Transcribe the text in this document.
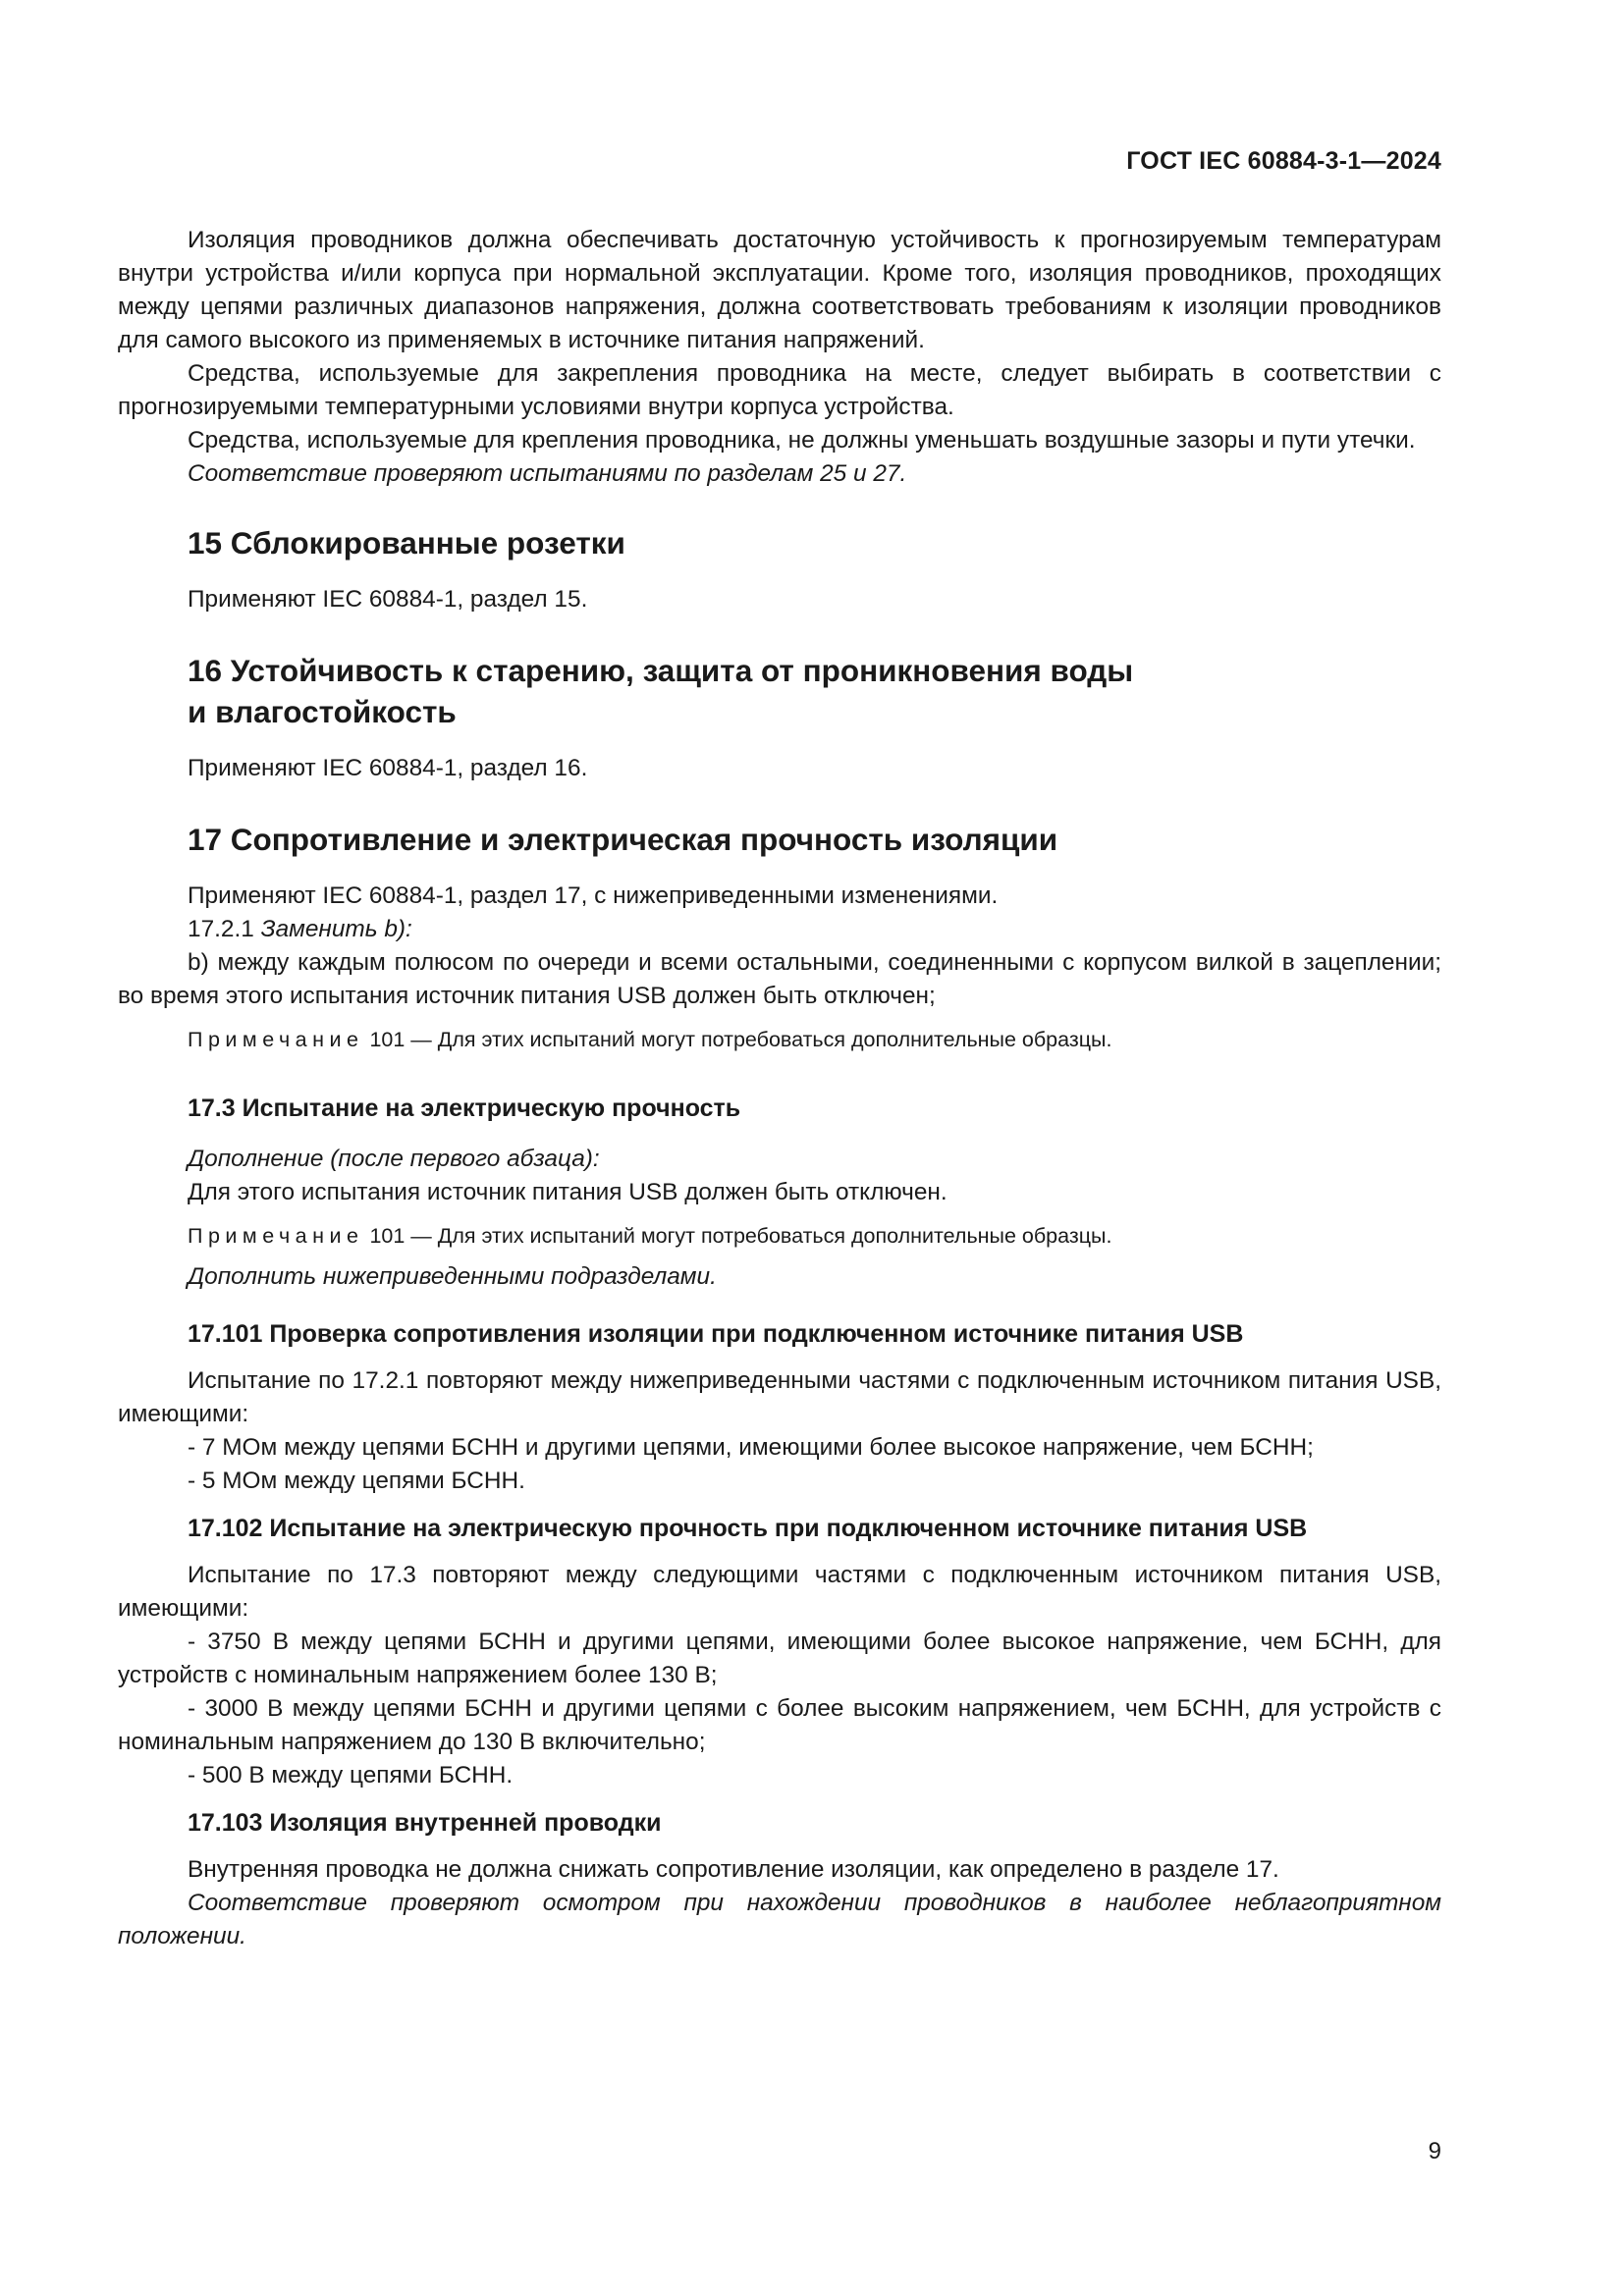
ГОСТ IEC 60884-3-1—2024

Изоляция проводников должна обеспечивать достаточную устойчивость к прогнозируемым температурам внутри устройства и/или корпуса при нормальной эксплуатации. Кроме того, изоляция проводников, проходящих между цепями различных диапазонов напряжения, должна соответствовать требованиям к изоляции проводников для самого высокого из применяемых в источнике питания напряжений.

Средства, используемые для закрепления проводника на месте, следует выбирать в соответствии с прогнозируемыми температурными условиями внутри корпуса устройства.

Средства, используемые для крепления проводника, не должны уменьшать воздушные зазоры и пути утечки.

Соответствие проверяют испытаниями по разделам 25 и 27.

15 Сблокированные розетки

Применяют IEC 60884-1, раздел 15.

16 Устойчивость к старению, защита от проникновения воды
и влагостойкость

Применяют IEC 60884-1, раздел 16.

17 Сопротивление и электрическая прочность изоляции

Применяют IEC 60884-1, раздел 17, с нижеприведенными изменениями.

17.2.1 Заменить b):

b) между каждым полюсом по очереди и всеми остальными, соединенными с корпусом вилкой в зацеплении; во время этого испытания источник питания USB должен быть отключен;

Примечание 101 — Для этих испытаний могут потребоваться дополнительные образцы.

17.3 Испытание на электрическую прочность

Дополнение (после первого абзаца):

Для этого испытания источник питания USB должен быть отключен.

Примечание 101 — Для этих испытаний могут потребоваться дополнительные образцы.

Дополнить нижеприведенными подразделами.

17.101 Проверка сопротивления изоляции при подключенном источнике питания USB

Испытание по 17.2.1 повторяют между нижеприведенными частями с подключенным источником питания USB, имеющими:

- 7 МОм между цепями БСНН и другими цепями, имеющими более высокое напряжение, чем БСНН;

- 5 МОм между цепями БСНН.

17.102 Испытание на электрическую прочность при подключенном источнике питания USB

Испытание по 17.3 повторяют между следующими частями с подключенным источником питания USB, имеющими:

- 3750 В между цепями БСНН и другими цепями, имеющими более высокое напряжение, чем БСНН, для устройств с номинальным напряжением более 130 В;

- 3000 В между цепями БСНН и другими цепями с более высоким напряжением, чем БСНН, для устройств с номинальным напряжением до 130 В включительно;

- 500 В между цепями БСНН.

17.103 Изоляция внутренней проводки

Внутренняя проводка не должна снижать сопротивление изоляции, как определено в разделе 17.

Соответствие проверяют осмотром при нахождении проводников в наиболее неблагоприятном положении.

9
